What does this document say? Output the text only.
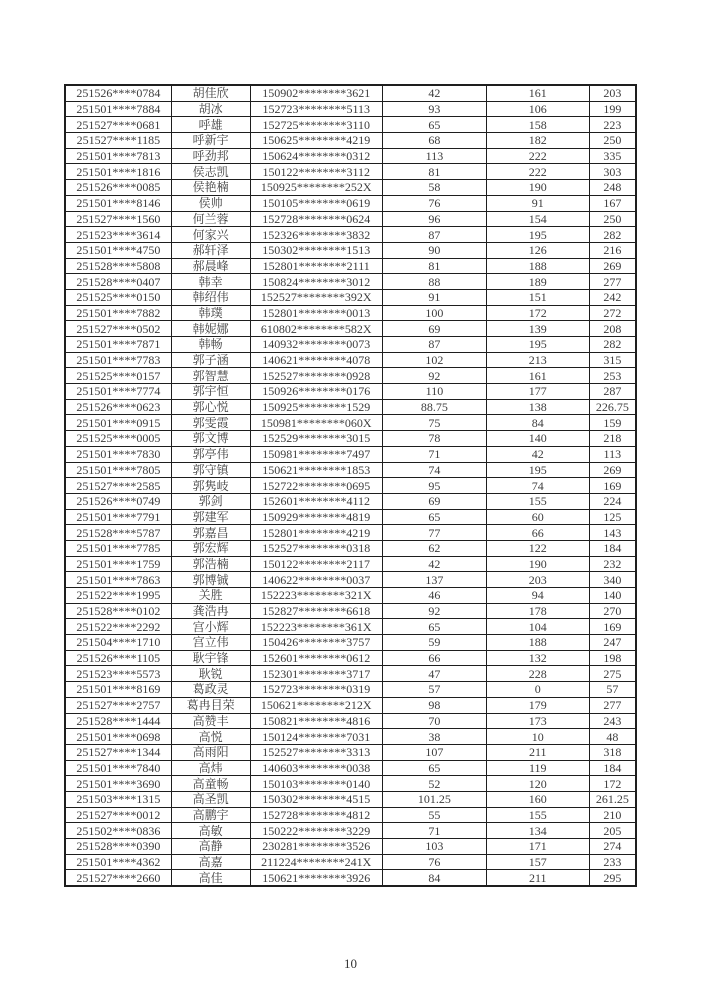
251526****0784	胡佳欣	150902********3621	42	161	203
251501****7884	胡冰	152723********5113	93	106	199
251527****0681	呼雄	152725********3110	65	158	223
251527****1185	呼新宇	150625********4219	68	182	250
251501****7813	呼劲邦	150624********0312	113	222	335
251501****1816	侯志凯	150122********3112	81	222	303
251526****0085	侯艳楠	150925********252X	58	190	248
251501****8146	侯帅	150105********0619	76	91	167
251527****1560	何兰蓉	152728********0624	96	154	250
251523****3614	何家兴	152326********3832	87	195	282
251501****4750	郝轩泽	150302********1513	90	126	216
251528****5808	郝晨峰	152801********2111	81	188	269
251528****0407	韩幸	150824********3012	88	189	277
251525****0150	韩绍伟	152527********392X	91	151	242
251501****7882	韩璞	152801********0013	100	172	272
251527****0502	韩妮娜	610802********582X	69	139	208
251501****7871	韩畅	140932********0073	87	195	282
251501****7783	郭子涵	140621********4078	102	213	315
251525****0157	郭智慧	152527********0928	92	161	253
251501****7774	郭宇恒	150926********0176	110	177	287
251526****0623	郭心悦	150925********1529	88.75	138	226.75
251501****0915	郭雯霞	150981********060X	75	84	159
251525****0005	郭文博	152529********3015	78	140	218
251501****7830	郭亭伟	150981********7497	71	42	113
251501****7805	郭守镇	150621********1853	74	195	269
251527****2585	郭隽岐	152722********0695	95	74	169
251526****0749	郭剑	152601********4112	69	155	224
251501****7791	郭建军	150929********4819	65	60	125
251528****5787	郭嘉昌	152801********4219	77	66	143
251501****7785	郭宏辉	152527********0318	62	122	184
251501****1759	郭浩楠	150122********2117	42	190	232
251501****7863	郭博铖	140622********0037	137	203	340
251522****1995	关胜	152223********321X	46	94	140
251528****0102	龚浩冉	152827********6618	92	178	270
251522****2292	宫小辉	152223********361X	65	104	169
251504****1710	宫立伟	150426********3757	59	188	247
251526****1105	耿宇锋	152601********0612	66	132	198
251523****5573	耿锐	152301********3717	47	228	275
251501****8169	葛政灵	152723********0319	57	0	57
251527****2757	葛冉目荣	150621********212X	98	179	277
251528****1444	高赞丰	150821********4816	70	173	243
251501****0698	高悦	150124********7031	38	10	48
251527****1344	高雨阳	152527********3313	107	211	318
251501****7840	高炜	140603********0038	65	119	184
251501****3690	高童畅	150103********0140	52	120	172
251503****1315	高圣凯	150302********4515	101.25	160	261.25
251527****0012	高鹏宇	152728********4812	55	155	210
251502****0836	高敏	150222********3229	71	134	205
251528****0390	高静	230281********3526	103	171	274
251501****4362	高嘉	211224********241X	76	157	233
251527****2660	高佳	150621********3926	84	211	295
10
